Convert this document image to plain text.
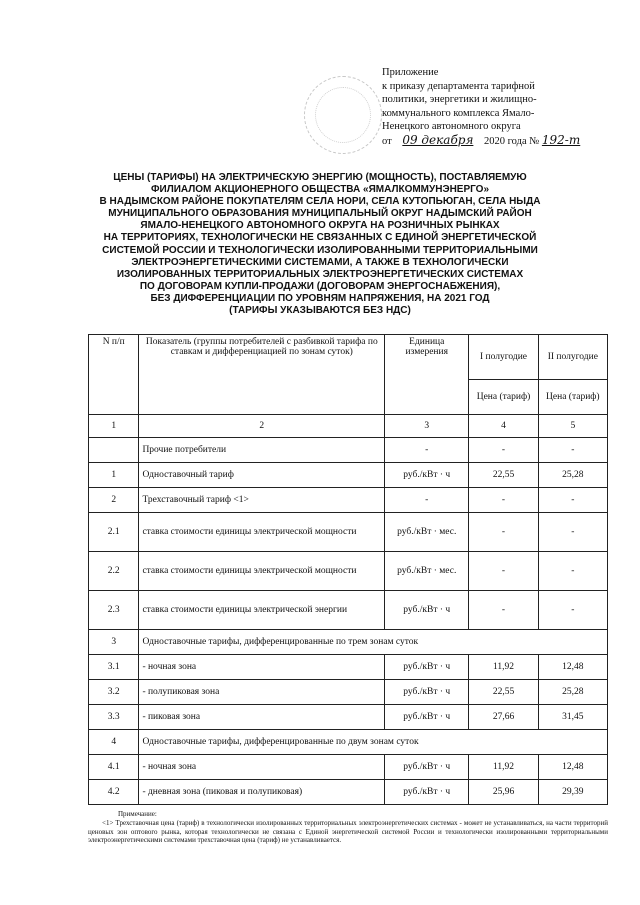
Приложение
к приказу департамента тарифной
политики, энергетики и жилищно-
коммунального комплекса Ямало-
Ненецкого автономного округа
от 09 декабря 2020 года № 192-т
ЦЕНЫ (ТАРИФЫ) НА ЭЛЕКТРИЧЕСКУЮ ЭНЕРГИЮ (МОЩНОСТЬ), ПОСТАВЛЯЕМУЮ
ФИЛИАЛОМ АКЦИОНЕРНОГО ОБЩЕСТВА «ЯМАЛКОММУНЭНЕРГО»
В НАДЫМСКОМ РАЙОНЕ ПОКУПАТЕЛЯМ СЕЛА НОРИ, СЕЛА КУТОПЬЮГАН, СЕЛА НЫДА
МУНИЦИПАЛЬНОГО ОБРАЗОВАНИЯ МУНИЦИПАЛЬНЫЙ ОКРУГ НАДЫМСКИЙ РАЙОН
ЯМАЛО-НЕНЕЦКОГО АВТОНОМНОГО ОКРУГА НА РОЗНИЧНЫХ РЫНКАХ
НА ТЕРРИТОРИЯХ, ТЕХНОЛОГИЧЕСКИ НЕ СВЯЗАННЫХ С ЕДИНОЙ ЭНЕРГЕТИЧЕСКОЙ
СИСТЕМОЙ РОССИИ И ТЕХНОЛОГИЧЕСКИ ИЗОЛИРОВАННЫМИ ТЕРРИТОРИАЛЬНЫМИ
ЭЛЕКТРОЭНЕРГЕТИЧЕСКИМИ СИСТЕМАМИ, А ТАКЖЕ В ТЕХНОЛОГИЧЕСКИ
ИЗОЛИРОВАННЫХ ТЕРРИТОРИАЛЬНЫХ ЭЛЕКТРОЭНЕРГЕТИЧЕСКИХ СИСТЕМАХ
ПО ДОГОВОРАМ КУПЛИ-ПРОДАЖИ (ДОГОВОРАМ ЭНЕРГОСНАБЖЕНИЯ),
БЕЗ ДИФФЕРЕНЦИАЦИИ ПО УРОВНЯМ НАПРЯЖЕНИЯ, НА 2021 ГОД
(ТАРИФЫ УКАЗЫВАЮТСЯ БЕЗ НДС)
N п/п	Показатель (группы потребителей с разбивкой тарифа по ставкам и дифференциацией по зонам суток)	Единица измерения	I полугодие	II полугодие
			Цена (тариф)	Цена (тариф)
1	2	3	4	5
	Прочие потребители	-	-	-
1	Одноставочный тариф	руб./кВт · ч	22,55	25,28
2	Трехставочный тариф <1>	-	-	-
2.1	ставка стоимости единицы электрической мощности	руб./кВт · мес.	-	-
2.2	ставка стоимости единицы электрической мощности	руб./кВт · мес.	-	-
2.3	ставка стоимости единицы электрической энергии	руб./кВт · ч	-	-
3	Одноставочные тарифы, дифференцированные по трем зонам суток			
3.1	- ночная зона	руб./кВт · ч	11,92	12,48
3.2	- полупиковая зона	руб./кВт · ч	22,55	25,28
3.3	- пиковая зона	руб./кВт · ч	27,66	31,45
4	Одноставочные тарифы, дифференцированные по двум зонам суток			
4.1	- ночная зона	руб./кВт · ч	11,92	12,48
4.2	- дневная зона (пиковая и полупиковая)	руб./кВт · ч	25,96	29,39
Примечание:
<1> Трехставочная цена (тариф) в технологически изолированных территориальных электроэнергетических системах - может не устанавливаться, на части территорий ценовых зон оптового рынка, которая технологически не связана с Единой энергетической системой России и технологически изолированными территориальными электроэнергетическими системами трехставочная цена (тариф) не устанавливается.
